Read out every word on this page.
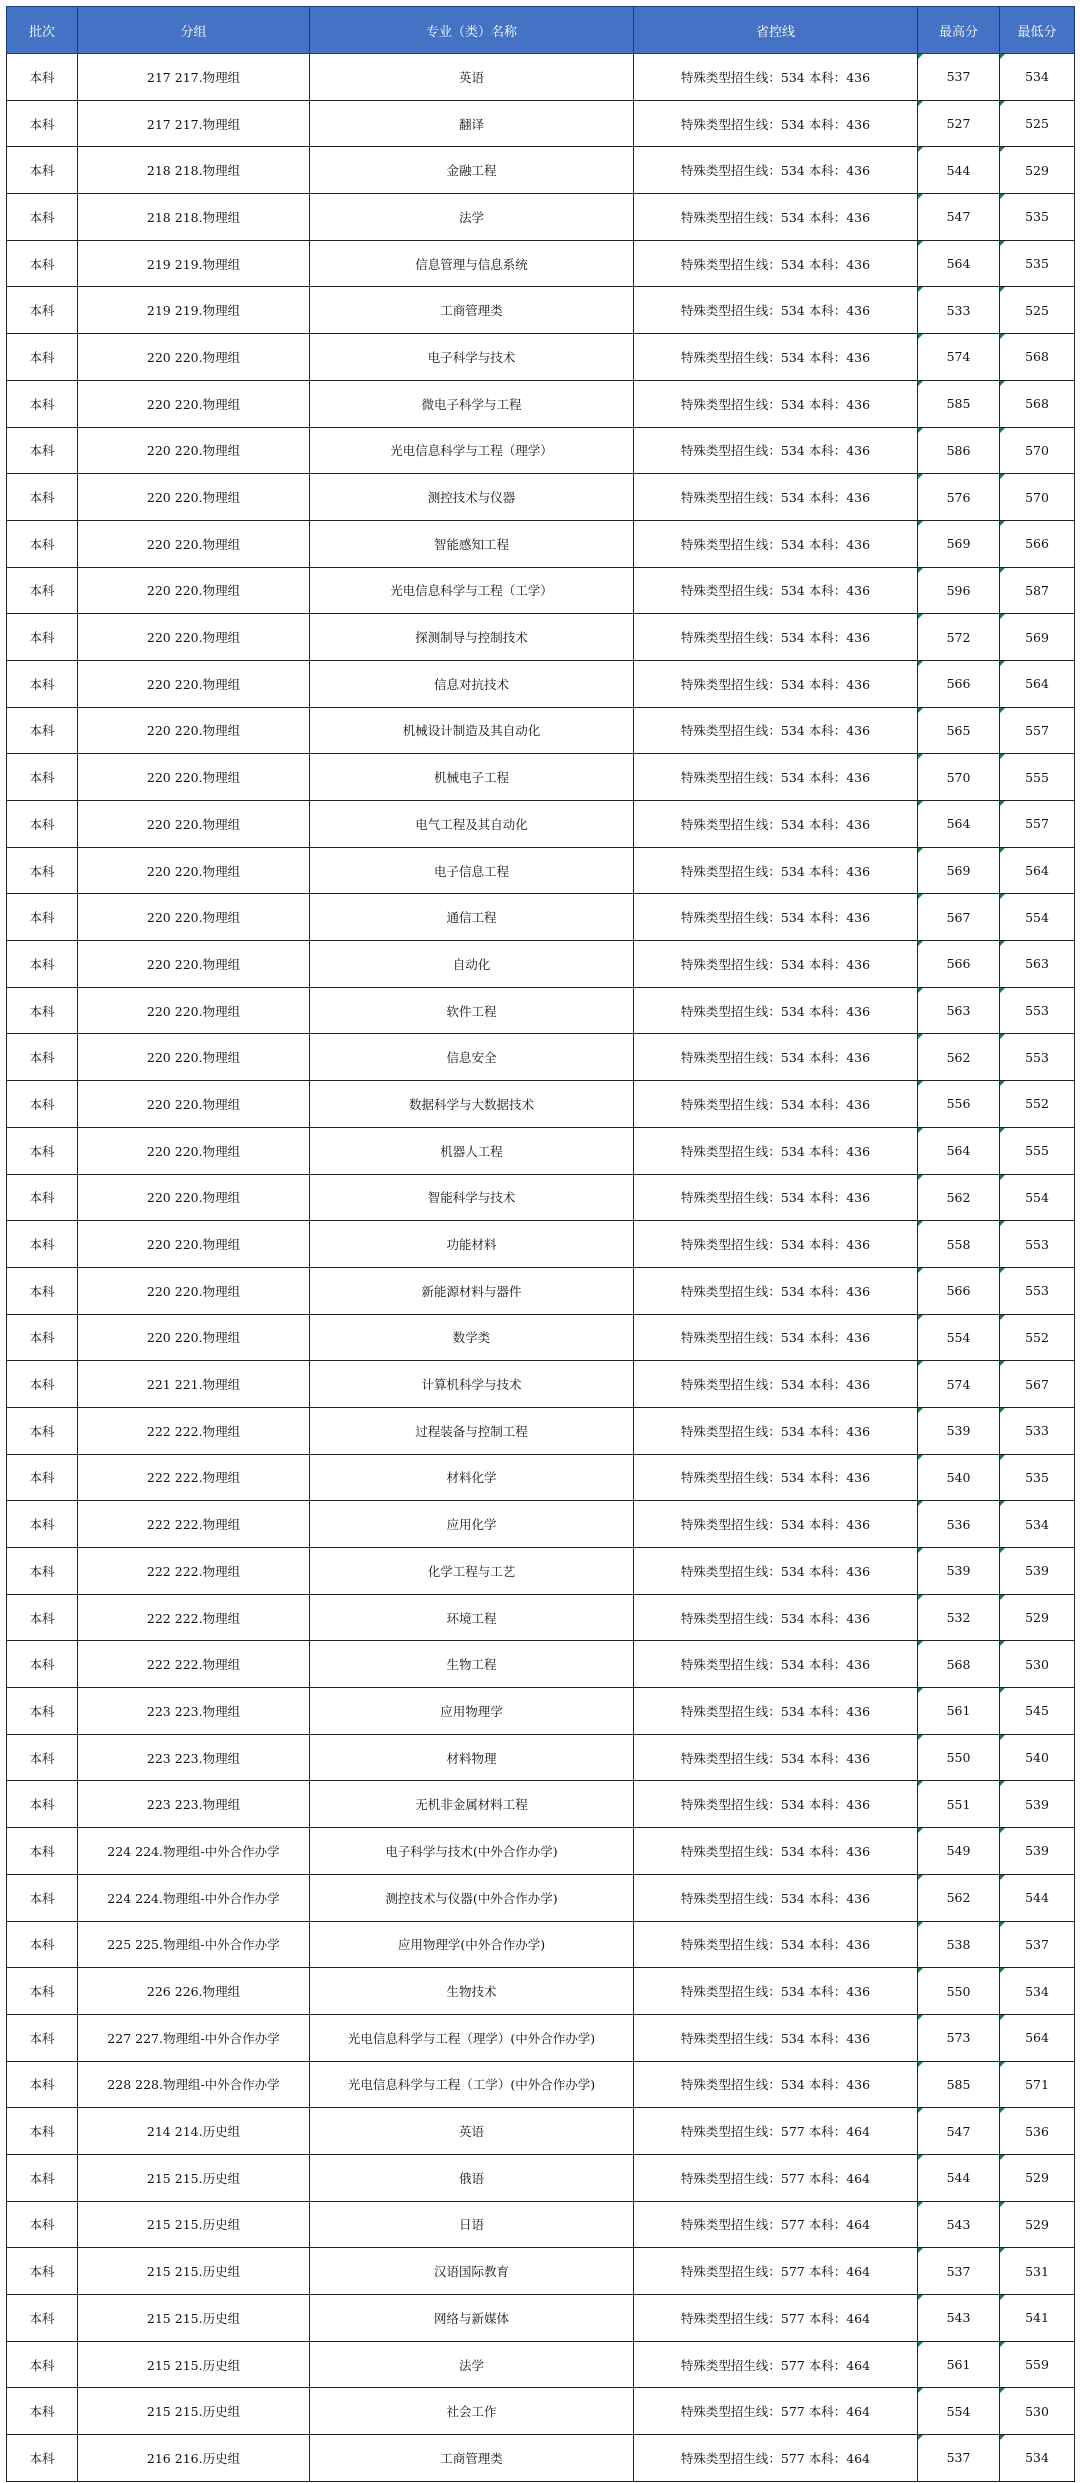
批次	分组	专业（类）名称	省控线	最高分	最低分
本科	217 217.物理组	英语	特殊类型招生线：534 本科：436	537	534
本科	217 217.物理组	翻译	特殊类型招生线：534 本科：436	527	525
本科	218 218.物理组	金融工程	特殊类型招生线：534 本科：436	544	529
本科	218 218.物理组	法学	特殊类型招生线：534 本科：436	547	535
本科	219 219.物理组	信息管理与信息系统	特殊类型招生线：534 本科：436	564	535
本科	219 219.物理组	工商管理类	特殊类型招生线：534 本科：436	533	525
本科	220 220.物理组	电子科学与技术	特殊类型招生线：534 本科：436	574	568
本科	220 220.物理组	微电子科学与工程	特殊类型招生线：534 本科：436	585	568
本科	220 220.物理组	光电信息科学与工程（理学）	特殊类型招生线：534 本科：436	586	570
本科	220 220.物理组	测控技术与仪器	特殊类型招生线：534 本科：436	576	570
本科	220 220.物理组	智能感知工程	特殊类型招生线：534 本科：436	569	566
本科	220 220.物理组	光电信息科学与工程（工学）	特殊类型招生线：534 本科：436	596	587
本科	220 220.物理组	探测制导与控制技术	特殊类型招生线：534 本科：436	572	569
本科	220 220.物理组	信息对抗技术	特殊类型招生线：534 本科：436	566	564
本科	220 220.物理组	机械设计制造及其自动化	特殊类型招生线：534 本科：436	565	557
本科	220 220.物理组	机械电子工程	特殊类型招生线：534 本科：436	570	555
本科	220 220.物理组	电气工程及其自动化	特殊类型招生线：534 本科：436	564	557
本科	220 220.物理组	电子信息工程	特殊类型招生线：534 本科：436	569	564
本科	220 220.物理组	通信工程	特殊类型招生线：534 本科：436	567	554
本科	220 220.物理组	自动化	特殊类型招生线：534 本科：436	566	563
本科	220 220.物理组	软件工程	特殊类型招生线：534 本科：436	563	553
本科	220 220.物理组	信息安全	特殊类型招生线：534 本科：436	562	553
本科	220 220.物理组	数据科学与大数据技术	特殊类型招生线：534 本科：436	556	552
本科	220 220.物理组	机器人工程	特殊类型招生线：534 本科：436	564	555
本科	220 220.物理组	智能科学与技术	特殊类型招生线：534 本科：436	562	554
本科	220 220.物理组	功能材料	特殊类型招生线：534 本科：436	558	553
本科	220 220.物理组	新能源材料与器件	特殊类型招生线：534 本科：436	566	553
本科	220 220.物理组	数学类	特殊类型招生线：534 本科：436	554	552
本科	221 221.物理组	计算机科学与技术	特殊类型招生线：534 本科：436	574	567
本科	222 222.物理组	过程装备与控制工程	特殊类型招生线：534 本科：436	539	533
本科	222 222.物理组	材料化学	特殊类型招生线：534 本科：436	540	535
本科	222 222.物理组	应用化学	特殊类型招生线：534 本科：436	536	534
本科	222 222.物理组	化学工程与工艺	特殊类型招生线：534 本科：436	539	539
本科	222 222.物理组	环境工程	特殊类型招生线：534 本科：436	532	529
本科	222 222.物理组	生物工程	特殊类型招生线：534 本科：436	568	530
本科	223 223.物理组	应用物理学	特殊类型招生线：534 本科：436	561	545
本科	223 223.物理组	材料物理	特殊类型招生线：534 本科：436	550	540
本科	223 223.物理组	无机非金属材料工程	特殊类型招生线：534 本科：436	551	539
本科	224 224.物理组-中外合作办学	电子科学与技术(中外合作办学)	特殊类型招生线：534 本科：436	549	539
本科	224 224.物理组-中外合作办学	测控技术与仪器(中外合作办学)	特殊类型招生线：534 本科：436	562	544
本科	225 225.物理组-中外合作办学	应用物理学(中外合作办学)	特殊类型招生线：534 本科：436	538	537
本科	226 226.物理组	生物技术	特殊类型招生线：534 本科：436	550	534
本科	227 227.物理组-中外合作办学	光电信息科学与工程（理学）(中外合作办学)	特殊类型招生线：534 本科：436	573	564
本科	228 228.物理组-中外合作办学	光电信息科学与工程（工学）(中外合作办学)	特殊类型招生线：534 本科：436	585	571
本科	214 214.历史组	英语	特殊类型招生线：577 本科：464	547	536
本科	215 215.历史组	俄语	特殊类型招生线：577 本科：464	544	529
本科	215 215.历史组	日语	特殊类型招生线：577 本科：464	543	529
本科	215 215.历史组	汉语国际教育	特殊类型招生线：577 本科：464	537	531
本科	215 215.历史组	网络与新媒体	特殊类型招生线：577 本科：464	543	541
本科	215 215.历史组	法学	特殊类型招生线：577 本科：464	561	559
本科	215 215.历史组	社会工作	特殊类型招生线：577 本科：464	554	530
本科	216 216.历史组	工商管理类	特殊类型招生线：577 本科：464	537	534
